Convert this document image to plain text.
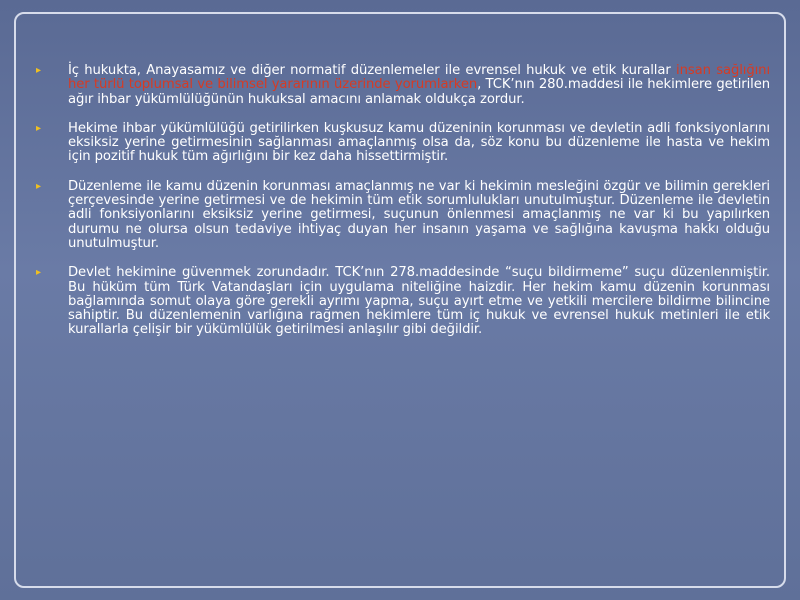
▸ İç hukukta, Anayasamız ve diğer normatif düzenlemeler ile evrensel hukuk ve etik kurallar insan sağlığını her türlü toplumsal ve bilimsel yararının üzerinde yorumlarken, TCK’nın 280.maddesi ile hekimlere getirilen ağır ihbar yükümlülüğünün hukuksal amacını anlamak oldukça zordur.
▸ Hekime ihbar yükümlülüğü getirilirken kuşkusuz kamu düzeninin korunması ve devletin adli fonksiyonlarını eksiksiz yerine getirmesinin sağlanması amaçlanmış olsa da, söz konu bu düzenleme ile hasta ve hekim için pozitif hukuk tüm ağırlığını bir kez daha hissettirmiştir.
▸ Düzenleme ile kamu düzenin korunması amaçlanmış ne var ki hekimin mesleğini özgür ve bilimin gerekleri çerçevesinde yerine getirmesi ve de hekimin tüm etik sorumlulukları unutulmuştur. Düzenleme ile devletin adli fonksiyonlarını eksiksiz yerine getirmesi, suçunun önlenmesi amaçlanmış ne var ki bu yapılırken durumu ne olursa olsun tedaviye ihtiyaç duyan her insanın yaşama ve sağlığına kavuşma hakkı olduğu unutulmuştur.
▸ Devlet hekimine güvenmek zorundadır. TCK’nın 278.maddesinde “suçu bildirmeme” suçu düzenlenmiştir. Bu hüküm tüm Türk Vatandaşları için uygulama niteliğine haizdir. Her hekim kamu düzenin korunması bağlamında somut olaya göre gerekli ayrımı yapma, suçu ayırt etme ve yetkili mercilere bildirme bilincine sahiptir. Bu düzenlemenin varlığına rağmen hekimlere tüm iç hukuk ve evrensel hukuk metinleri ile etik kurallarla çelişir bir yükümlülük getirilmesi anlaşılır gibi değildir.
